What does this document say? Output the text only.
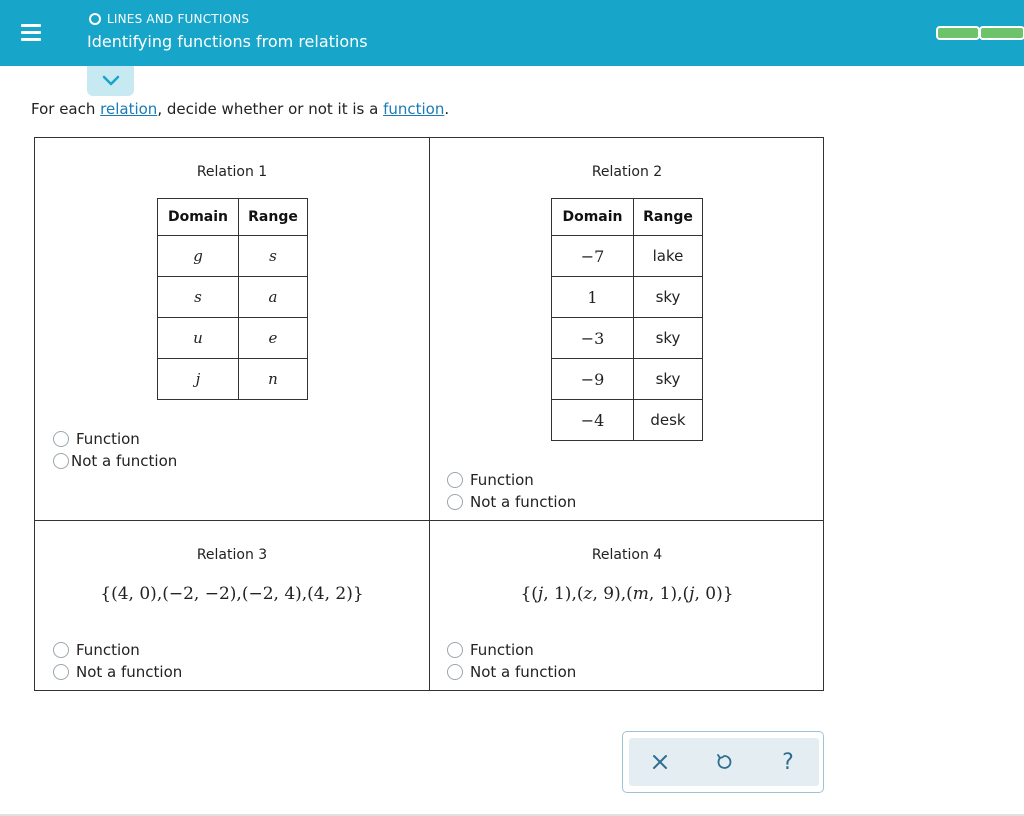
LINES AND FUNCTIONS
Identifying functions from relations
For each relation, decide whether or not it is a function.
Relation 1
Domain	Range
g	s
s	a
u	e
j	n
Function
Not a function
Relation 2
Domain	Range
−7	lake
1	sky
−3	sky
−9	sky
−4	desk
Function
Not a function
Relation 3
{(4, 0),(−2, −2),(−2, 4),(4, 2)}
Function
Not a function
Relation 4
{(j, 1),(z, 9),(m, 1),(j, 0)}
Function
Not a function
?
